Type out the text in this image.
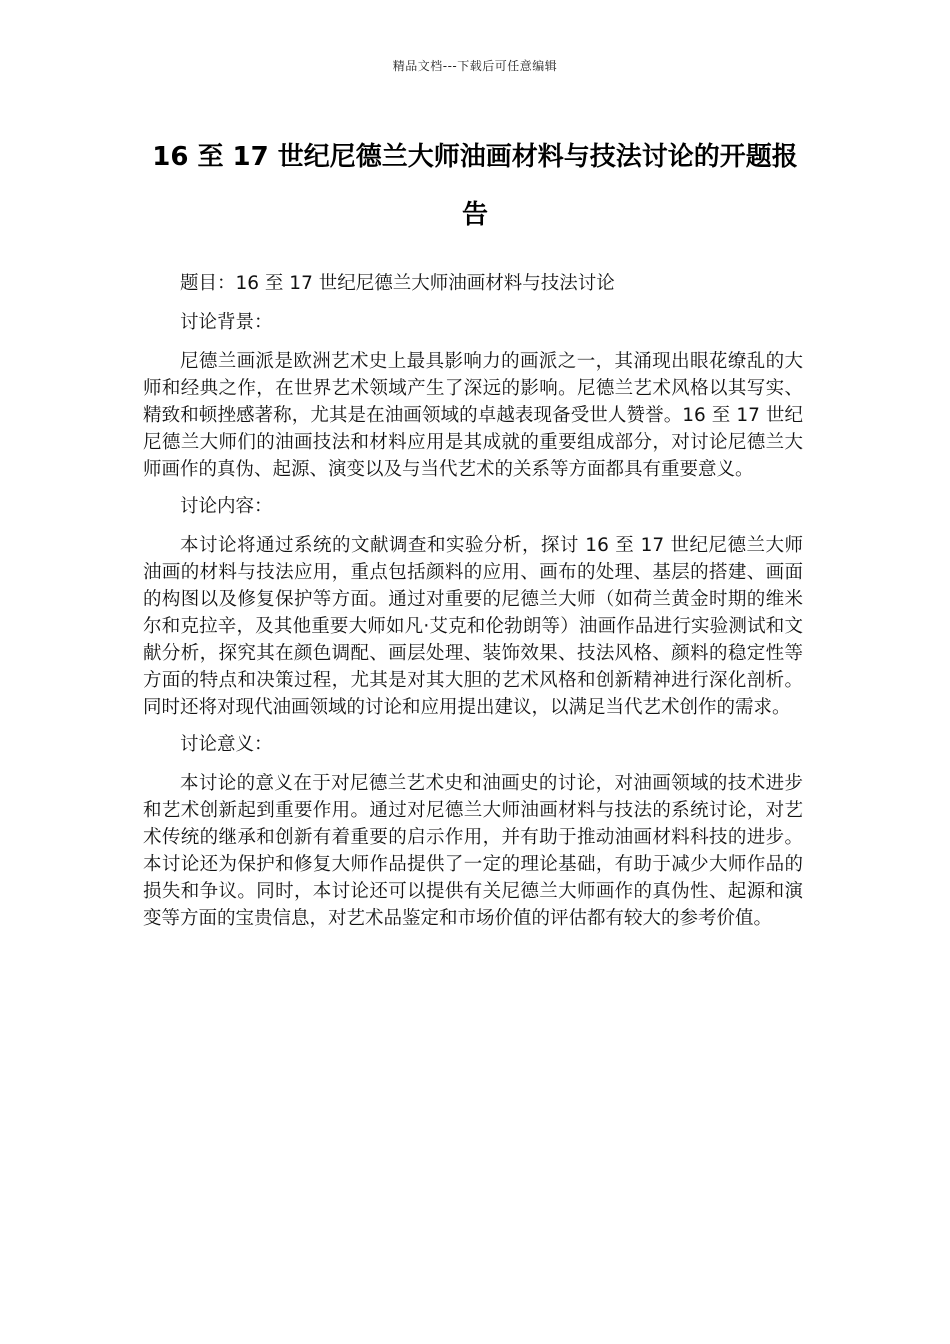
精品文档---下载后可任意编辑
16 至 17 世纪尼德兰大师油画材料与技法讨论的开题报告

题目：16 至 17 世纪尼德兰大师油画材料与技法讨论

讨论背景：

尼德兰画派是欧洲艺术史上最具影响力的画派之一，其涌现出眼花缭乱的大师和经典之作，在世界艺术领域产生了深远的影响。尼德兰艺术风格以其写实、精致和顿挫感著称，尤其是在油画领域的卓越表现备受世人赞誉。16 至 17 世纪尼德兰大师们的油画技法和材料应用是其成就的重要组成部分，对讨论尼德兰大师画作的真伪、起源、演变以及与当代艺术的关系等方面都具有重要意义。

讨论内容：

本讨论将通过系统的文献调查和实验分析，探讨 16 至 17 世纪尼德兰大师油画的材料与技法应用，重点包括颜料的应用、画布的处理、基层的搭建、画面的构图以及修复保护等方面。通过对重要的尼德兰大师（如荷兰黄金时期的维米尔和克拉辛，及其他重要大师如凡·艾克和伦勃朗等）油画作品进行实验测试和文献分析，探究其在颜色调配、画层处理、装饰效果、技法风格、颜料的稳定性等方面的特点和决策过程，尤其是对其大胆的艺术风格和创新精神进行深化剖析。同时还将对现代油画领域的讨论和应用提出建议，以满足当代艺术创作的需求。

讨论意义：

本讨论的意义在于对尼德兰艺术史和油画史的讨论，对油画领域的技术进步和艺术创新起到重要作用。通过对尼德兰大师油画材料与技法的系统讨论，对艺术传统的继承和创新有着重要的启示作用，并有助于推动油画材料科技的进步。本讨论还为保护和修复大师作品提供了一定的理论基础，有助于减少大师作品的损失和争议。同时，本讨论还可以提供有关尼德兰大师画作的真伪性、起源和演变等方面的宝贵信息，对艺术品鉴定和市场价值的评估都有较大的参考价值。
